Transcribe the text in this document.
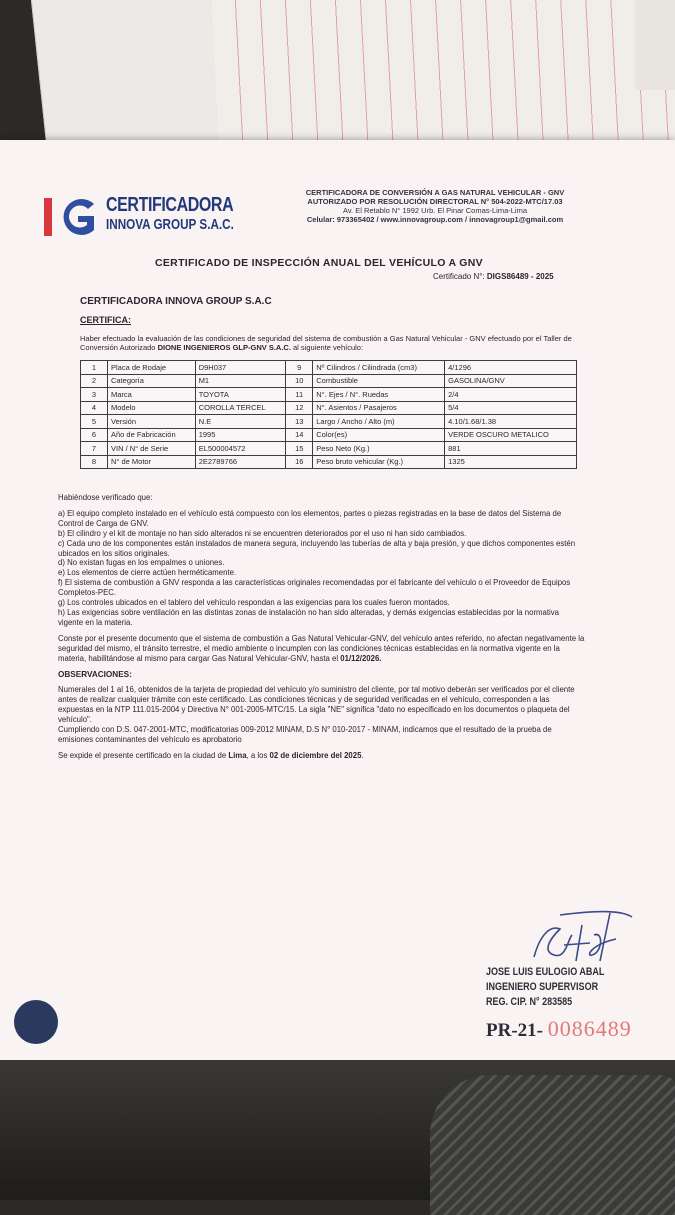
CERTIFICADORA
INNOVA GROUP S.A.C.
CERTIFICADORA DE CONVERSIÓN A GAS NATURAL VEHICULAR - GNV
AUTORIZADO POR RESOLUCIÓN DIRECTORAL N° 504-2022-MTC/17.03
Av. El Retablo N° 1992 Urb. El Pinar Comas-Lima-Lima
Celular: 973365402 / www.innovagroup.com / innovagroup1@gmail.com
CERTIFICADO DE INSPECCIÓN ANUAL DEL VEHÍCULO A GNV
Certificado N°: DIGS86489 - 2025
CERTIFICADORA INNOVA GROUP S.A.C
CERTIFICA:
Haber efectuado la evaluación de las condiciones de seguridad del sistema de combustión a Gas Natural Vehicular - GNV efectuado por el Taller de Conversión Autorizado DIONE INGENIEROS GLP-GNV S.A.C. al siguiente vehículo:
1	Placa de Rodaje	D9H037	9	Nº Cilindros / Cilindrada (cm3)	4/1296
2	Categoría	M1	10	Combustible	GASOLINA/GNV
3	Marca	TOYOTA	11	N°. Ejes / N°. Ruedas	2/4
4	Modelo	COROLLA TERCEL	12	N°. Asientos / Pasajeros	5/4
5	Versión	N.E	13	Largo / Ancho / Alto (m)	4.10/1.68/1.38
6	Año de Fabricación	1995	14	Color(es)	VERDE OSCURO METALICO
7	VIN / N° de Serie	EL500004572	15	Peso Neto (Kg.)	881
8	N° de Motor	2E2789766	16	Peso bruto vehicular (Kg.)	1325

Habiéndose verificado que:

a) El equipo completo instalado en el vehículo está compuesto con los elementos, partes o piezas registradas en la base de datos del Sistema de Control de Carga de GNV.

b) El cilindro y el kit de montaje no han sido alterados ni se encuentren deteriorados por el uso ni han sido cambiados.

c) Cada uno de los componentes están instalados de manera segura, incluyendo las tuberías de alta y baja presión, y que dichos componentes estén ubicados en los sitios originales.

d) No existan fugas en los empalmes o uniones.

e) Los elementos de cierre actúen herméticamente.

f) El sistema de combustión a GNV responda a las características originales recomendadas por el fabricante del vehículo o el Proveedor de Equipos Completos-PEC.

g) Los controles ubicados en el tablero del vehículo respondan a las exigencias para los cuales fueron montados.

h) Las exigencias sobre ventilación en las distintas zonas de instalación no han sido alteradas, y demás exigencias establecidas por la normativa vigente en la materia.

Conste por el presente documento que el sistema de combustión a Gas Natural Vehicular-GNV, del vehículo antes referido, no afectan negativamente la seguridad del mismo, el tránsito terrestre, el medio ambiente o incumplen con las condiciones técnicas establecidas en la normativa vigente en la materia, habilitándose al mismo para cargar Gas Natural Vehicular-GNV, hasta el 01/12/2026.

OBSERVACIONES:

Numerales del 1 al 16, obtenidos de la tarjeta de propiedad del vehículo y/o suministro del cliente, por tal motivo deberán ser verificados por el cliente antes de realizar cualquier trámite con este certificado. Las condiciones técnicas y de seguridad verificadas en el vehículo, corresponden a las expuestas en la NTP 111.015-2004 y Directiva N° 001-2005-MTC/15. La sigla "NE" significa "dato no especificado en los documentos o plaqueta del vehículo".

Cumpliendo con D.S. 047-2001-MTC, modificatorias 009-2012 MINAM, D.S N° 010-2017 - MINAM, indicamos que el resultado de la prueba de emisiones contaminantes del vehículo es aprobatorio

Se expide el presente certificado en la ciudad de Lima, a los 02 de diciembre del 2025.

JOSE LUIS EULOGIO ABAL
INGENIERO SUPERVISOR
REG. CIP. N° 283585
PR-21- 0086489
